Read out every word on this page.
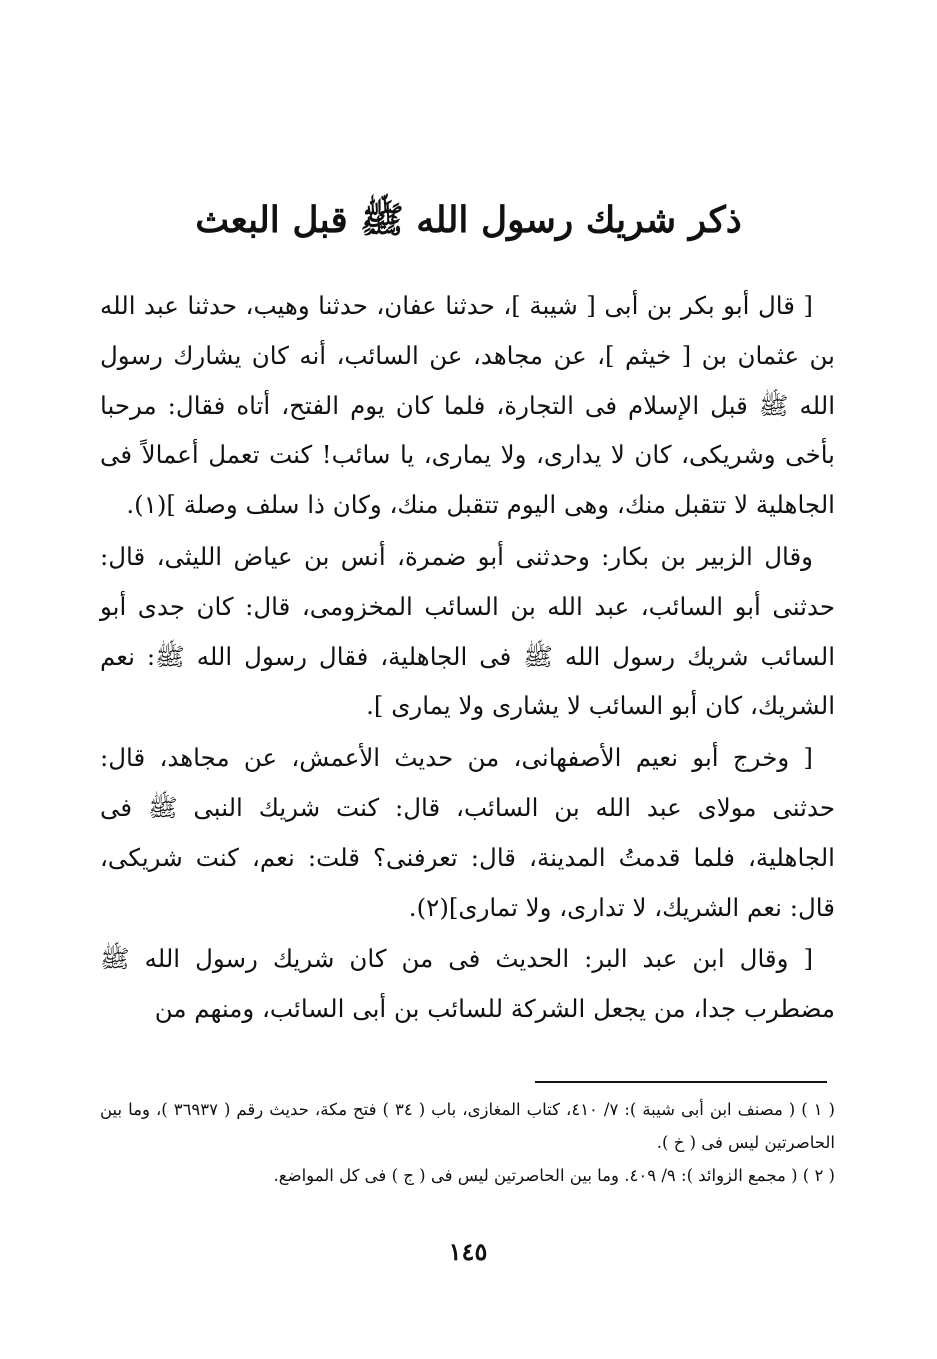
ذكر شريك رسول الله ﷺ قبل البعث

[ قال أبو بكر بن أبى [ شيبة ]، حدثنا عفان، حدثنا وهيب، حدثنا عبد الله بن عثمان بن [ خيثم ]، عن مجاهد، عن السائب، أنه كان يشارك رسول الله ﷺ قبل الإسلام فى التجارة، فلما كان يوم الفتح، أتاه فقال: مرحبا بأخى وشريكى، كان لا يدارى، ولا يمارى، يا سائب! كنت تعمل أعمالاً فى الجاهلية لا تتقبل منك، وهى اليوم تتقبل منك، وكان ذا سلف وصلة ](١).

وقال الزبير بن بكار: وحدثنى أبو ضمرة، أنس بن عياض الليثى، قال: حدثنى أبو السائب، عبد الله بن السائب المخزومى، قال: كان جدى أبو السائب شريك رسول الله ﷺ فى الجاهلية، فقال رسول الله ﷺ: نعم الشريك، كان أبو السائب لا يشارى ولا يمارى ].

[ وخرج أبو نعيم الأصفهانى، من حديث الأعمش، عن مجاهد، قال: حدثنى مولاى عبد الله بن السائب، قال: كنت شريك النبى ﷺ فى الجاهلية، فلما قدمتُ المدينة، قال: تعرفنى؟ قلت: نعم، كنت شريكى، قال: نعم الشريك، لا تدارى، ولا تمارى](٢).

[ وقال ابن عبد البر: الحديث فى من كان شريك رسول الله ﷺ مضطرب جدا، من يجعل الشركة للسائب بن أبى السائب، ومنهم من

( ١ ) ( مصنف ابن أبى شيبة ): ٧/ ٤١٠، كتاب المغازى، باب ( ٣٤ ) فتح مكة، حديث رقم ( ٣٦٩٣٧ )، وما بين الحاصرتين ليس فى ( خ ).

( ٢ ) ( مجمع الزوائد ): ٩/ ٤٠٩. وما بين الحاصرتين ليس فى ( ج ) فى كل المواضع.

١٤٥
